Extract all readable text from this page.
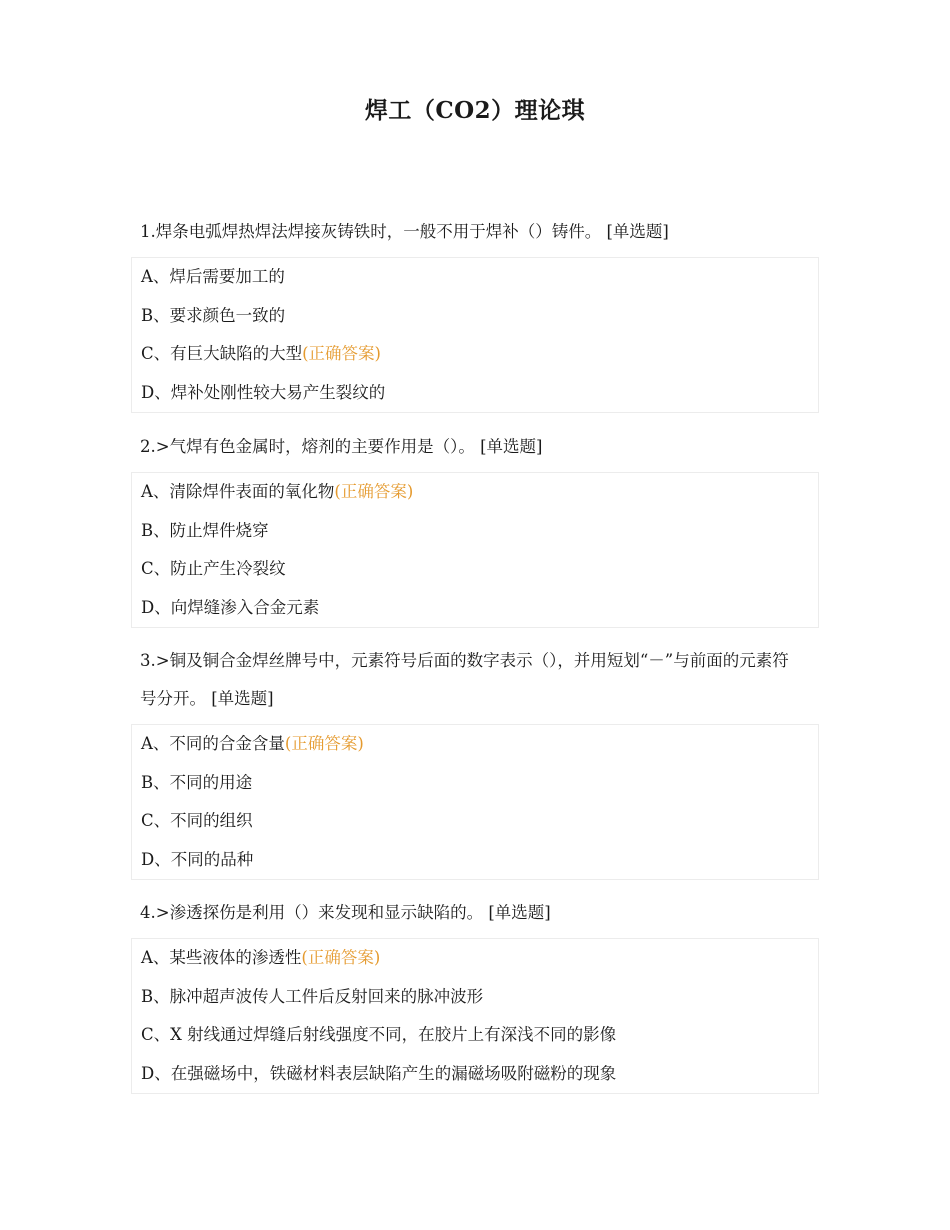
焊工（CO2）理论琪

1.焊条电弧焊热焊法焊接灰铸铁时，一般不用于焊补（）铸件。 [单选题]

A、焊后需要加工的
B、要求颜色一致的
C、有巨大缺陷的大型(正确答案)
D、焊补处刚性较大易产生裂纹的

2.>气焊有色金属时，熔剂的主要作用是（）。 [单选题]

A、清除焊件表面的氧化物(正确答案)
B、防止焊件烧穿
C、防止产生冷裂纹
D、向焊缝渗入合金元素

3.>铜及铜合金焊丝牌号中，元素符号后面的数字表示（），并用短划“－”与前面的元素符号分开。 [单选题]

A、不同的合金含量(正确答案)
B、不同的用途
C、不同的组织
D、不同的品种

4.>渗透探伤是利用（）来发现和显示缺陷的。 [单选题]

A、某些液体的渗透性(正确答案)
B、脉冲超声波传人工件后反射回来的脉冲波形
C、X 射线通过焊缝后射线强度不同，在胶片上有深浅不同的影像
D、在强磁场中，铁磁材料表层缺陷产生的漏磁场吸附磁粉的现象
